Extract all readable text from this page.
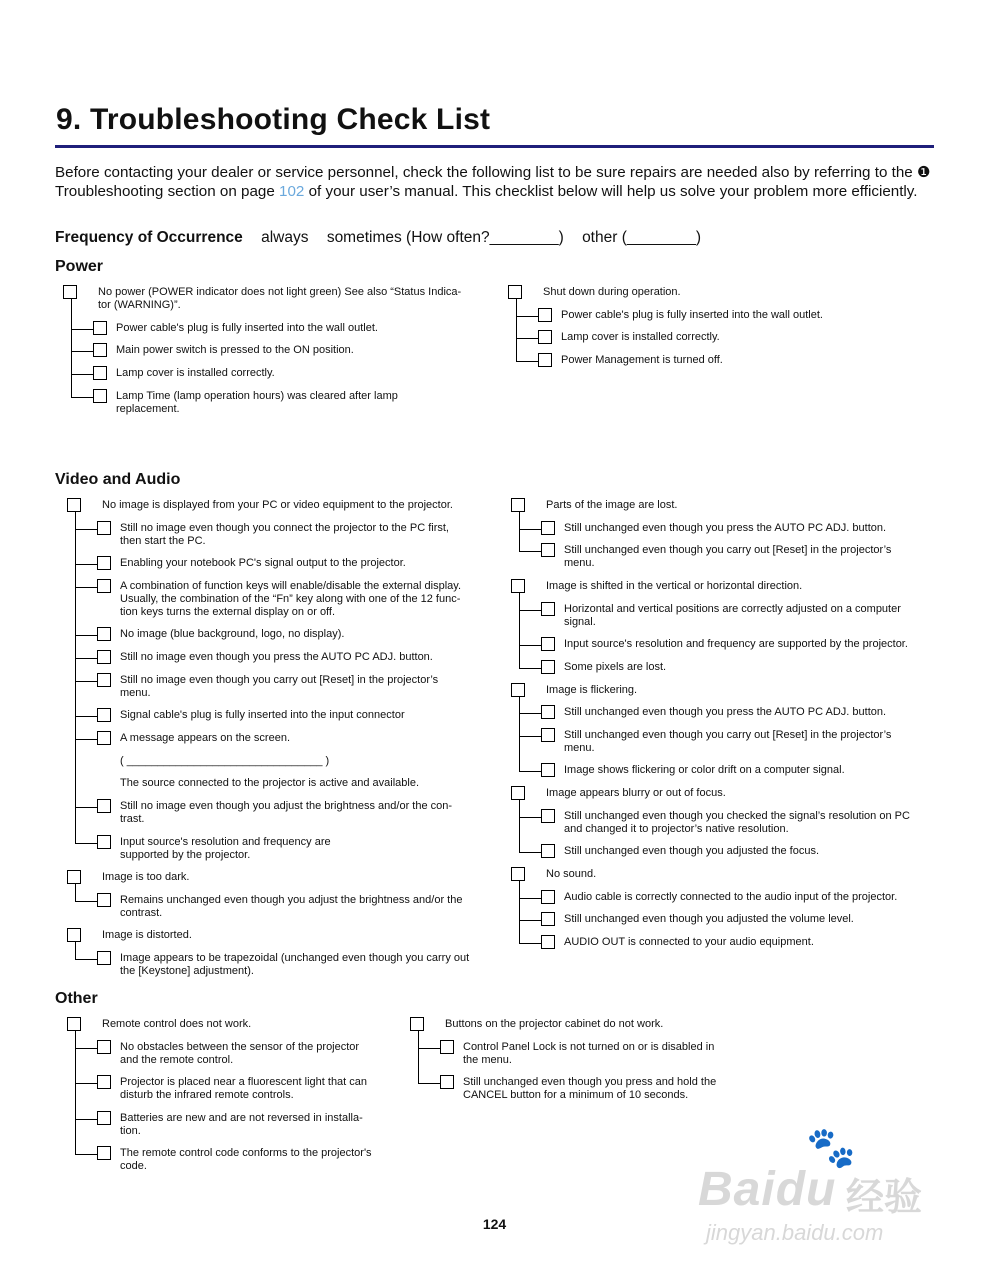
9. Troubleshooting Check List

Before contacting your dealer or service personnel, check the following list to be sure repairs are needed also by referring to the ❶ Troubleshooting section on page 102 of your user’s manual. This checklist below will help us solve your problem more efficiently.

Frequency of Occurrence always sometimes (How often?________) other (________)
Power
Video and Audio
Other
No power (POWER indicator does not light green) See also “Status Indica-
tor (WARNING)”.
Power cable's plug is fully inserted into the wall outlet.
Main power switch is pressed to the ON position.
Lamp cover is installed correctly.
Lamp Time (lamp operation hours) was cleared after lamp replacement.
Shut down during operation.
Power cable's plug is fully inserted into the wall outlet.
Lamp cover is installed correctly.
Power Management is turned off.
No image is displayed from your PC or video equipment to the projector.
Still no image even though you connect the projector to the PC first,
then start the PC.
Enabling your notebook PC's signal output to the projector.
A combination of function keys will enable/disable the external display.
Usually, the combination of the “Fn” key along with one of the 12 func-
tion keys turns the external display on or off.
No image (blue background, logo, no display).
Still no image even though you press the AUTO PC ADJ. button.
Still no image even though you carry out [Reset] in the projector’s
menu.
Signal cable's plug is fully inserted into the input connector
A message appears on the screen.
( ________________________________ )
The source connected to the projector is active and available.
Still no image even though you adjust the brightness and/or the con-
trast.
Input source's resolution and frequency are
supported by the projector.
Image is too dark.
Remains unchanged even though you adjust the brightness and/or the
contrast.
Image is distorted.
Image appears to be trapezoidal (unchanged even though you carry out
the [Keystone] adjustment).
Parts of the image are lost.
Still unchanged even though you press the AUTO PC ADJ. button.
Still unchanged even though you carry out [Reset] in the projector’s
menu.
Image is shifted in the vertical or horizontal direction.
Horizontal and vertical positions are correctly adjusted on a computer
signal.
Input source's resolution and frequency are supported by the projector.
Some pixels are lost.
Image is flickering.
Still unchanged even though you press the AUTO PC ADJ. button.
Still unchanged even though you carry out [Reset] in the projector’s
menu.
Image shows flickering or color drift on a computer signal.
Image appears blurry or out of focus.
Still unchanged even though you checked the signal’s resolution on PC
and changed it to projector’s native resolution.
Still unchanged even though you adjusted the focus.
No sound.
Audio cable is correctly connected to the audio input of the projector.
Still unchanged even though you adjusted the volume level.
AUDIO OUT is connected to your audio equipment.
Remote control does not work.
No obstacles between the sensor of the projector
and the remote control.
Projector is placed near a fluorescent light that can
disturb the infrared remote controls.
Batteries are new and are not reversed in installa-
tion.
The remote control code conforms to the projector's
code.
Buttons on the projector cabinet do not work.
Control Panel Lock is not turned on or is disabled in
the menu.
Still unchanged even though you press and hold the
CANCEL button for a minimum of 10 seconds.
124
🐾
Baidu 经验
jingyan.baidu.com
